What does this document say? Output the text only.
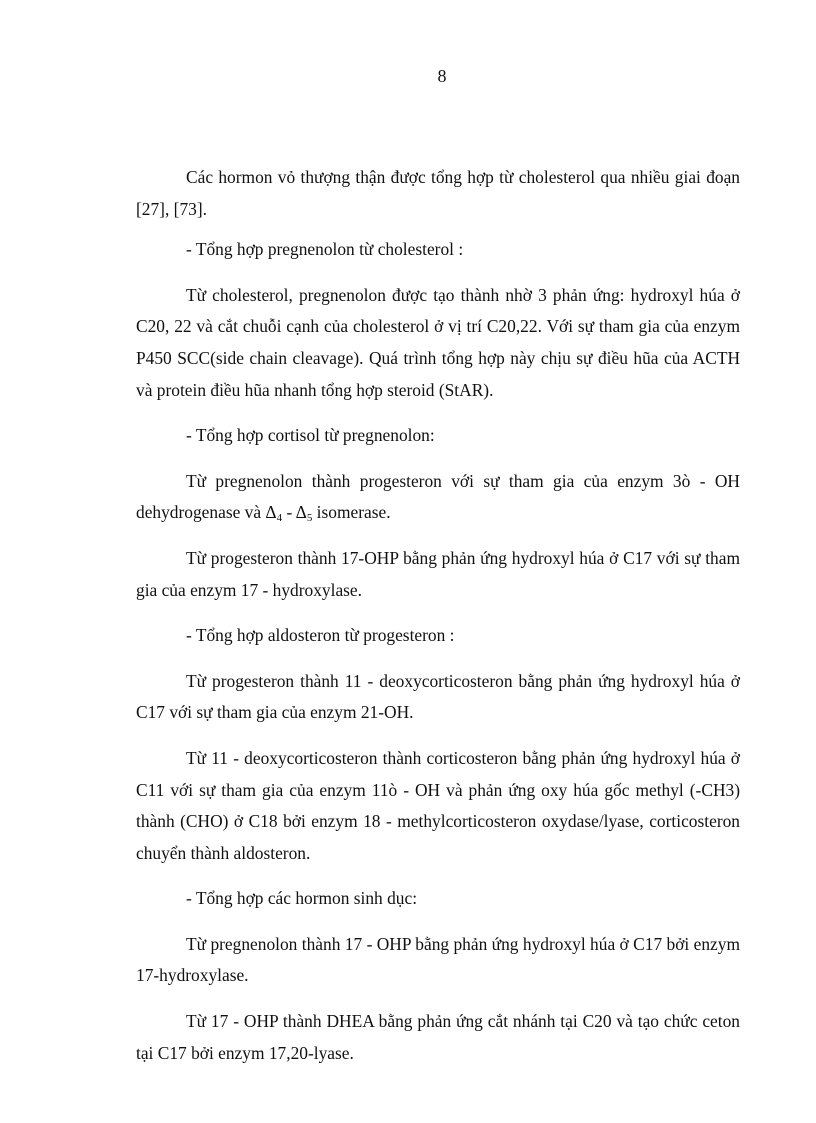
8

Các hormon vỏ thượng thận được tổng hợp từ cholesterol qua nhiều giai đoạn [27], [73].

- Tổng hợp pregnenolon từ cholesterol :

Từ cholesterol, pregnenolon được tạo thành nhờ 3 phản ứng: hydroxyl húa ở C20, 22 và cắt chuỗi cạnh của cholesterol ở vị trí C20,22. Với sự tham gia của enzym P450 SCC(side chain cleavage). Quá trình tổng hợp này chịu sự điều hũa của ACTH và protein điều hũa nhanh tổng hợp steroid (StAR).

- Tổng hợp cortisol từ pregnenolon:

Từ pregnenolon thành progesteron với sự tham gia của enzym 3ò - OH dehydrogenase và $\Delta_4 - \Delta_5$ isomerase.

Từ progesteron thành 17-OHP bằng phản ứng hydroxyl húa ở C17 với sự tham gia của enzym 17 - hydroxylase.

- Tổng hợp aldosteron từ progesteron :

Từ progesteron thành 11 - deoxycorticosteron bằng phản ứng hydroxyl húa ở C17 với sự tham gia của enzym 21-OH.

Từ 11 - deoxycorticosteron thành corticosteron bằng phản ứng hydroxyl húa ở C11 với sự tham gia của enzym 11ò - OH và phản ứng oxy húa gốc methyl (-CH3) thành (CHO) ở C18 bởi enzym 18 - methylcorticosteron oxydase/lyase, corticosteron chuyển thành aldosteron.

- Tổng hợp các hormon sinh dục:

Từ pregnenolon thành 17 - OHP bằng phản ứng hydroxyl húa ở C17 bởi enzym 17-hydroxylase.

Từ 17 - OHP thành DHEA bằng phản ứng cắt nhánh tại C20 và tạo chức ceton tại C17 bởi enzym 17,20-lyase.
